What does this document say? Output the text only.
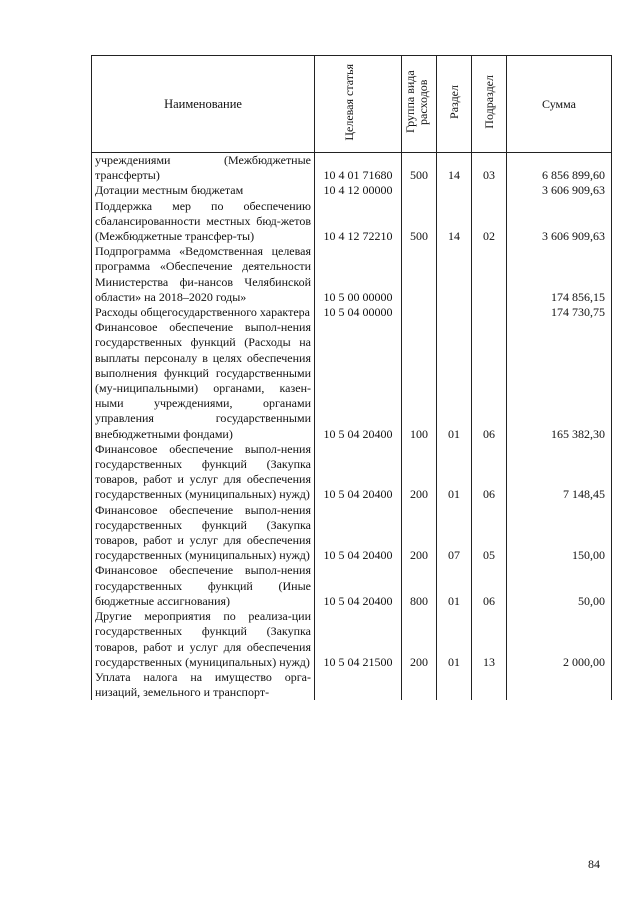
Наименование	Целевая статья	Группа вида расходов	Раздел	Подраздел	Сумма
учреждениями (Межбюджетные трансферты)	10 4 01 71680	500	14	03	6 856 899,60
Дотации местным бюджетам	10 4 12 00000				3 606 909,63
Поддержка мер по обеспечению сбалансированности местных бюд-жетов (Межбюджетные трансфер-ты)	10 4 12 72210	500	14	02	3 606 909,63
Подпрограмма «Ведомственная целевая программа «Обеспечение деятельности Министерства фи-нансов Челябинской области» на 2018–2020 годы»	10 5 00 00000				174 856,15
Расходы общегосударственного характера	10 5 04 00000				174 730,75
Финансовое обеспечение выпол-нения государственных функций (Расходы на выплаты персоналу в целях обеспечения выполнения функций государственными (му-ниципальными) органами, казен-ными учреждениями, органами управления государственными внебюджетными фондами)	10 5 04 20400	100	01	06	165 382,30
Финансовое обеспечение выпол-нения государственных функций (Закупка товаров, работ и услуг для обеспечения государственных (муниципальных) нужд)	10 5 04 20400	200	01	06	7 148,45
Финансовое обеспечение выпол-нения государственных функций (Закупка товаров, работ и услуг для обеспечения государственных (муниципальных) нужд)	10 5 04 20400	200	07	05	150,00
Финансовое обеспечение выпол-нения государственных функций (Иные бюджетные ассигнования)	10 5 04 20400	800	01	06	50,00
Другие мероприятия по реализа-ции государственных функций (Закупка товаров, работ и услуг для обеспечения государственных (муниципальных) нужд)	10 5 04 21500	200	01	13	2 000,00
Уплата налога на имущество орга-низаций, земельного и транспорт-					
84
